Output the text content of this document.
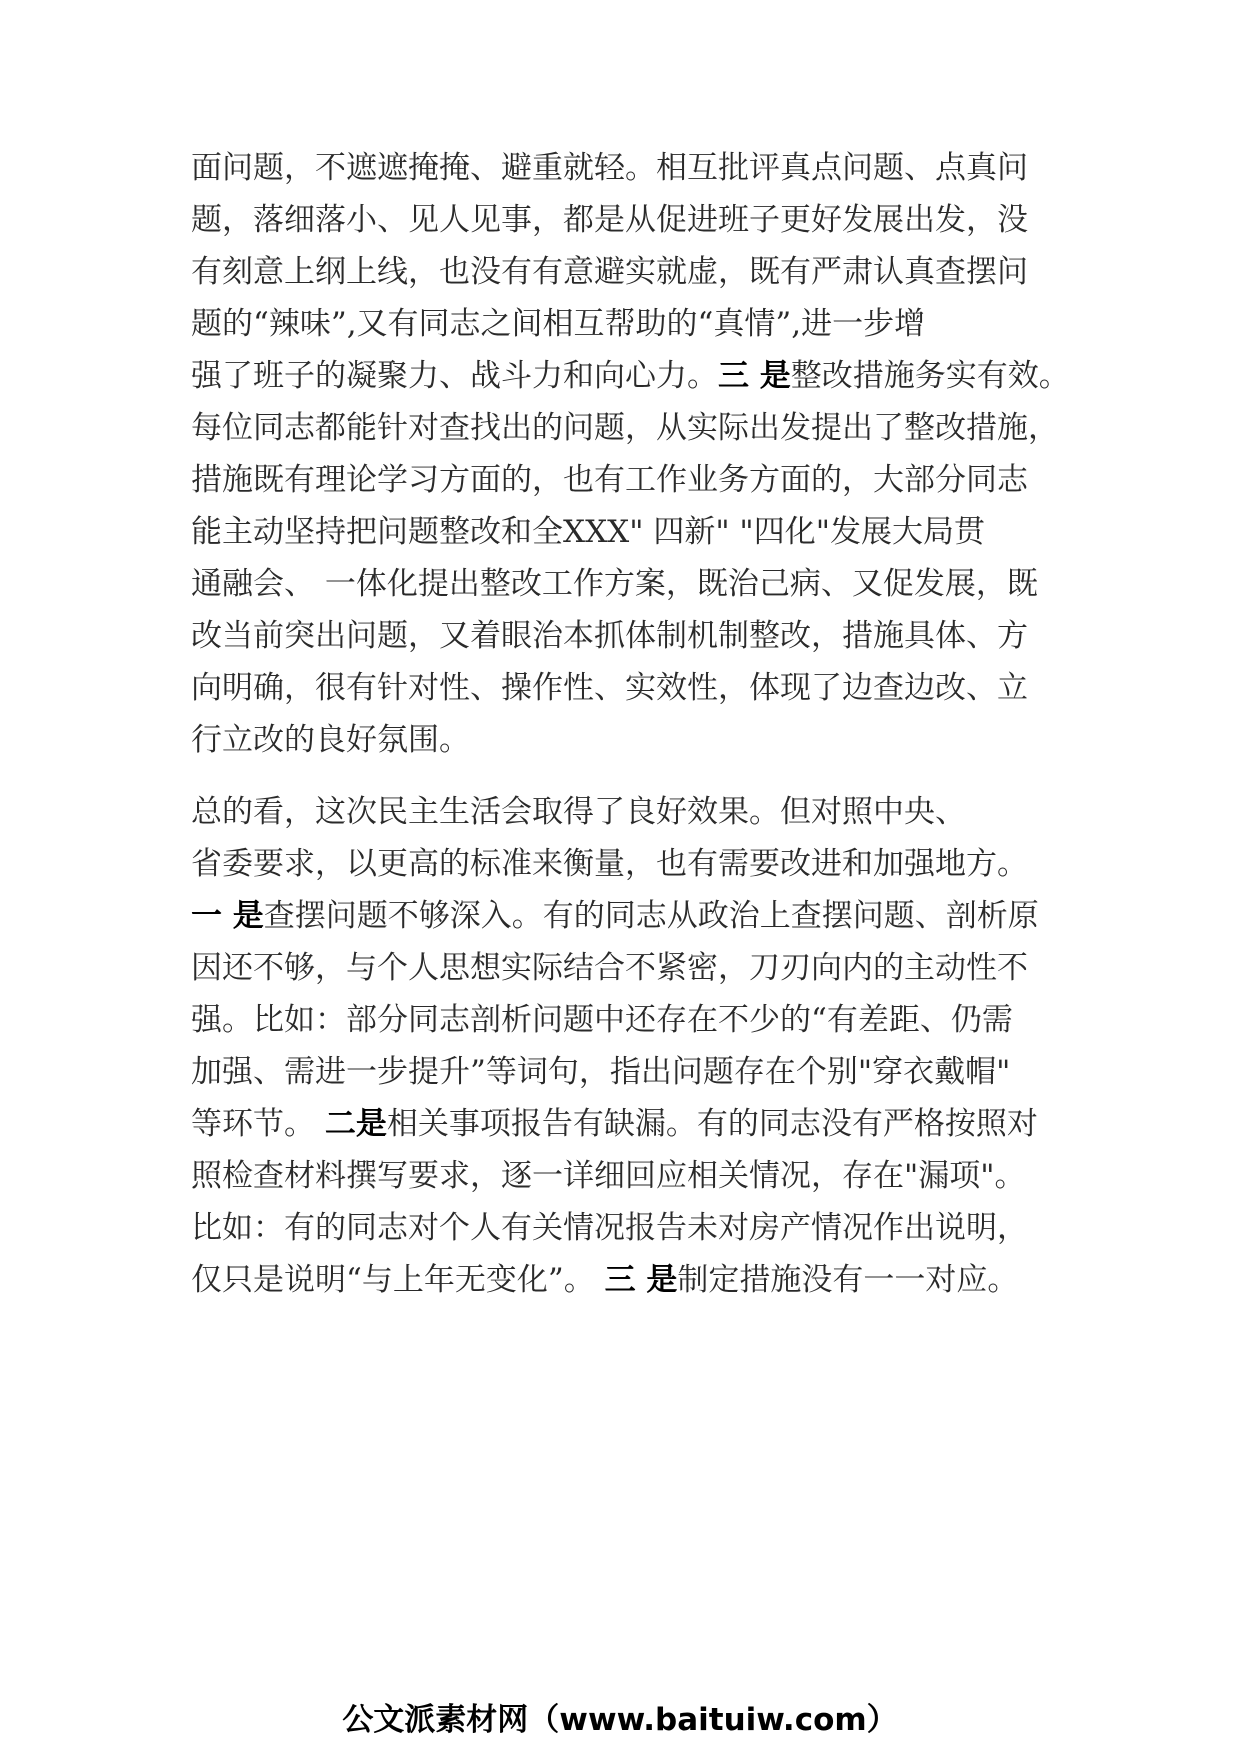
面问题，不遮遮掩掩、避重就轻。相互批评真点问题、点真问
题，落细落小、见人见事，都是从促进班子更好发展出发，没
有刻意上纲上线，也没有有意避实就虚，既有严肃认真查摆问
题的“辣味”,又有同志之间相互帮助的“真情”,进一步增
强了班子的凝聚力、战斗力和向心力。三 是整改措施务实有效。
每位同志都能针对查找出的问题，从实际出发提出了整改措施，
措施既有理论学习方面的，也有工作业务方面的，大部分同志
能主动坚持把问题整改和全XXX" 四新" "四化"发展大局贯
通融会、 一体化提出整改工作方案，既治己病、又促发展，既
改当前突出问题，又着眼治本抓体制机制整改，措施具体、方
向明确，很有针对性、操作性、实效性，体现了边查边改、立
行立改的良好氛围。
总的看，这次民主生活会取得了良好效果。但对照中央、
省委要求，以更高的标准来衡量，也有需要改进和加强地方。
一 是查摆问题不够深入。有的同志从政治上查摆问题、剖析原
因还不够，与个人思想实际结合不紧密，刀刃向内的主动性不
强。比如：部分同志剖析问题中还存在不少的“有差距、仍需
加强、需进一步提升”等词句，指出问题存在个别"穿衣戴帽"
等环节。 二是相关事项报告有缺漏。有的同志没有严格按照对
照检查材料撰写要求，逐一详细回应相关情况，存在"漏项"。
比如：有的同志对个人有关情况报告未对房产情况作出说明，
仅只是说明“与上年无变化”。 三 是制定措施没有一一对应。
公文派素材网（www.baituiw.com）
